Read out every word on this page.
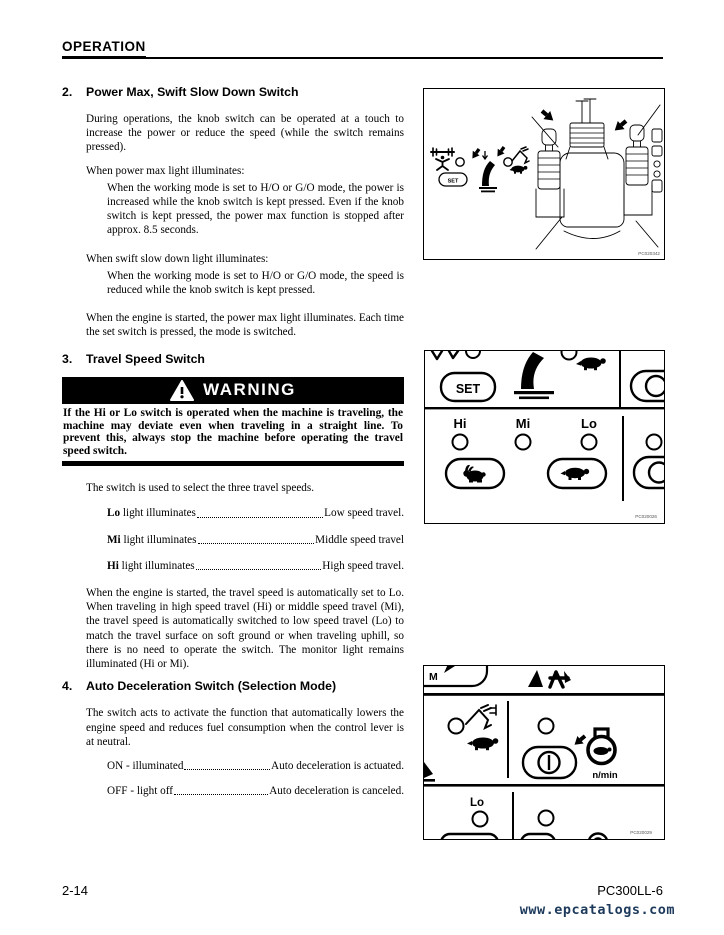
OPERATION
2.	Power Max, Swift Slow Down Switch

During operations, the knob switch can be operated at a touch to increase the power or reduce the speed (while the switch remains pressed).

When power max light illuminates:

When the working mode is set to H/O or G/O mode, the power is increased while the knob switch is kept pressed. Even if the knob switch is kept pressed, the power max function is stopped after approx. 8.5 seconds.

When swift slow down light illuminates:

When the working mode is set to H/O or G/O mode, the speed is reduced while the knob switch is kept pressed.

When the engine is started, the power max light illuminates. Each time the set switch is pressed, the mode is switched.

3.	Travel Speed Switch
WARNING
If the Hi or Lo switch is operated when the machine is traveling, the machine may deviate even when traveling in a straight line. To prevent this, always stop the machine before operating the travel speed switch.

The switch is used to select the three travel speeds.

Lo light illuminates	Low speed travel.
Mi light illuminates	Middle speed travel
Hi light illuminates	High speed travel.

When the engine is started, the travel speed is automatically set to Lo. When traveling in high speed travel (Hi) or middle speed travel (Mi), the travel speed is automatically switched to low speed travel (Lo) to match the travel surface on soft ground or when traveling uphill, so there is no need to operate the switch. The monitor light remains illuminated (Hi or Mi).

4.	Auto Deceleration Switch (Selection Mode)

The switch acts to activate the function that automatically lowers the engine speed and reduces fuel consumption when the control lever is at neutral.

ON - illuminated	Auto deceleration is actuated.
OFF - light off	Auto deceleration is canceled.
SET
PC020342
SET
Hi	Mi	Lo
PC020026
M
n/min
Lo
PC020029
2-14	PC300LL-6
www.epcatalogs.com
